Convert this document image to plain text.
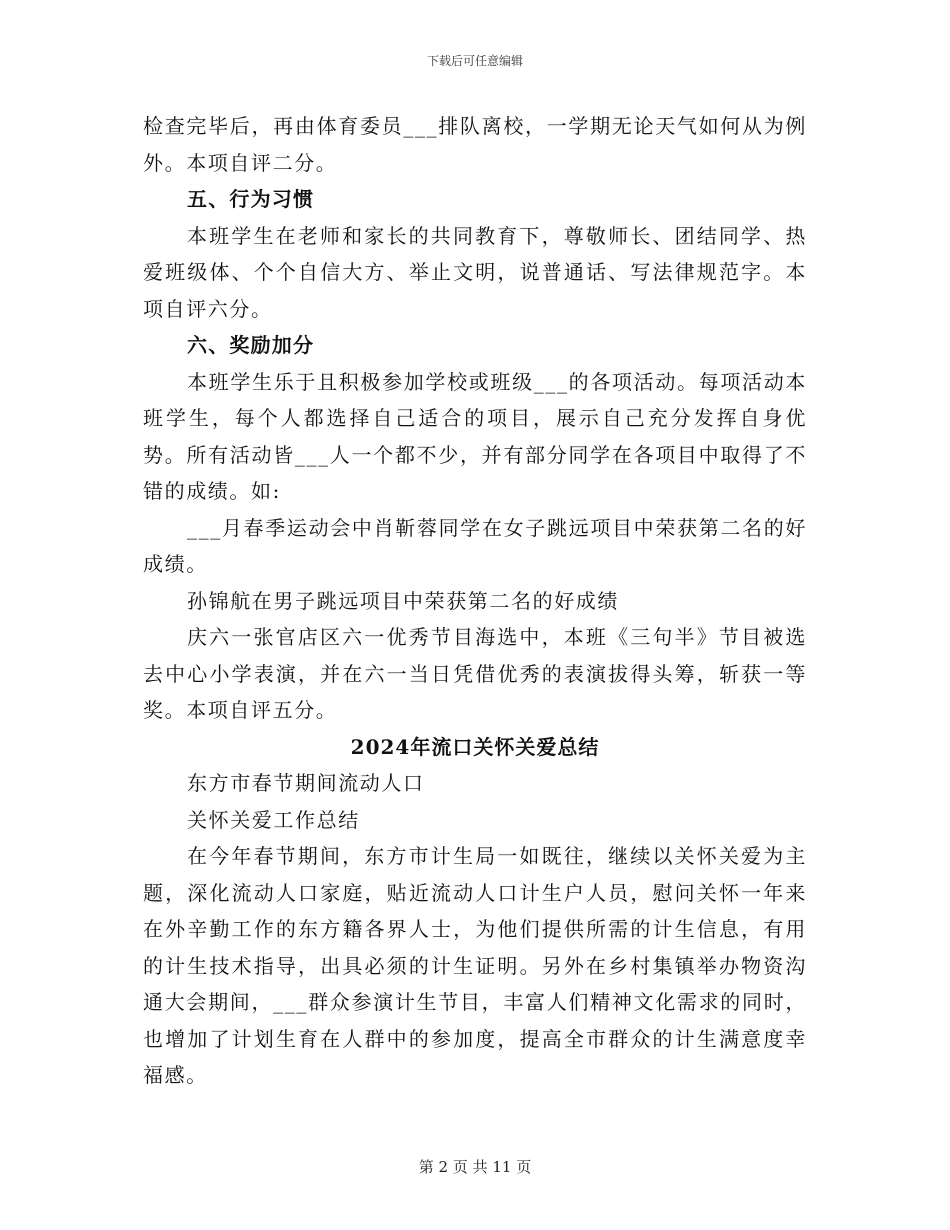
下载后可任意编辑

检查完毕后，再由体育委员___排队离校，一学期无论天气如何从为例外。本项自评二分。

五、行为习惯

本班学生在老师和家长的共同教育下，尊敬师长、团结同学、热爱班级体、个个自信大方、举止文明，说普通话、写法律规范字。本项自评六分。

六、奖励加分

本班学生乐于且积极参加学校或班级___的各项活动。每项活动本班学生，每个人都选择自己适合的项目，展示自己充分发挥自身优势。所有活动皆___人一个都不少，并有部分同学在各项目中取得了不错的成绩。如:

___月春季运动会中肖靳蓉同学在女子跳远项目中荣获第二名的好成绩。

孙锦航在男子跳远项目中荣获第二名的好成绩

庆六一张官店区六一优秀节目海选中，本班《三句半》节目被选去中心小学表演，并在六一当日凭借优秀的表演拔得头筹，斩获一等奖。本项自评五分。

2024年流口关怀关爱总结

东方市春节期间流动人口

关怀关爱工作总结

在今年春节期间，东方市计生局一如既往，继续以关怀关爱为主题，深化流动人口家庭，贴近流动人口计生户人员，慰问关怀一年来在外辛勤工作的东方籍各界人士，为他们提供所需的计生信息，有用的计生技术指导，出具必须的计生证明。另外在乡村集镇举办物资沟通大会期间，___群众参演计生节目，丰富人们精神文化需求的同时，也增加了计划生育在人群中的参加度，提高全市群众的计生满意度幸福感。

第 2 页 共 11 页
